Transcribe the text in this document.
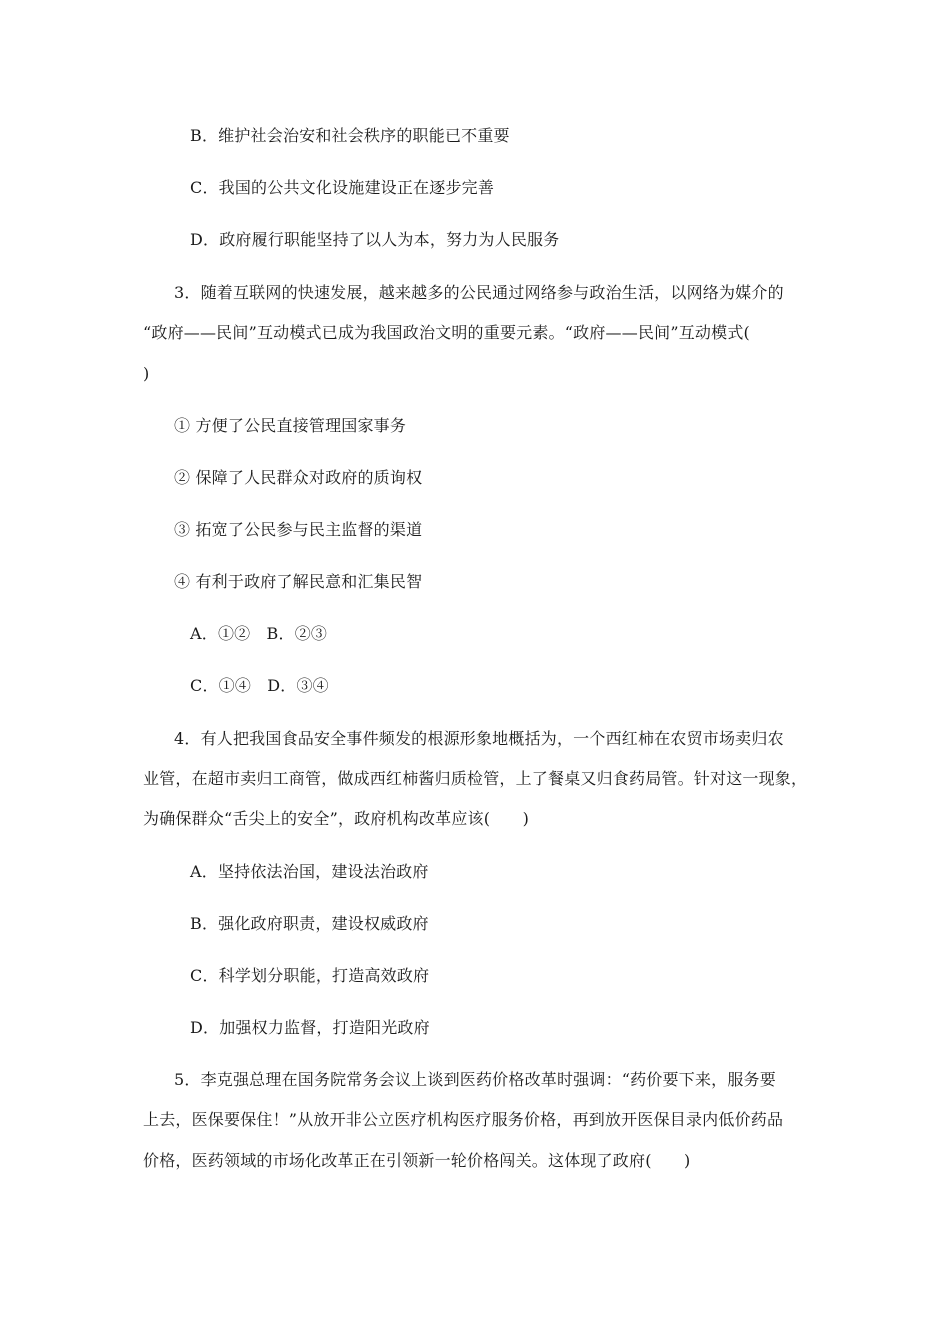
B．维护社会治安和社会秩序的职能已不重要
C．我国的公共文化设施建设正在逐步完善
D．政府履行职能坚持了以人为本，努力为人民服务
3．随着互联网的快速发展，越来越多的公民通过网络参与政治生活，以网络为媒介的
“政府——民间”互动模式已成为我国政治文明的重要元素。“政府——民间”互动模式(
)
① 方便了公民直接管理国家事务
② 保障了人民群众对政府的质询权
③ 拓宽了公民参与民主监督的渠道
④ 有利于政府了解民意和汇集民智
A．①②　B．②③
C．①④　D．③④
4．有人把我国食品安全事件频发的根源形象地概括为，一个西红柿在农贸市场卖归农
业管，在超市卖归工商管，做成西红柿酱归质检管，上了餐桌又归食药局管。针对这一现象，
为确保群众“舌尖上的安全”，政府机构改革应该(　　)
A．坚持依法治国，建设法治政府
B．强化政府职责，建设权威政府
C．科学划分职能，打造高效政府
D．加强权力监督，打造阳光政府
5．李克强总理在国务院常务会议上谈到医药价格改革时强调：“药价要下来，服务要
上去，医保要保住！”从放开非公立医疗机构医疗服务价格，再到放开医保目录内低价药品
价格，医药领域的市场化改革正在引领新一轮价格闯关。这体现了政府(　　)
